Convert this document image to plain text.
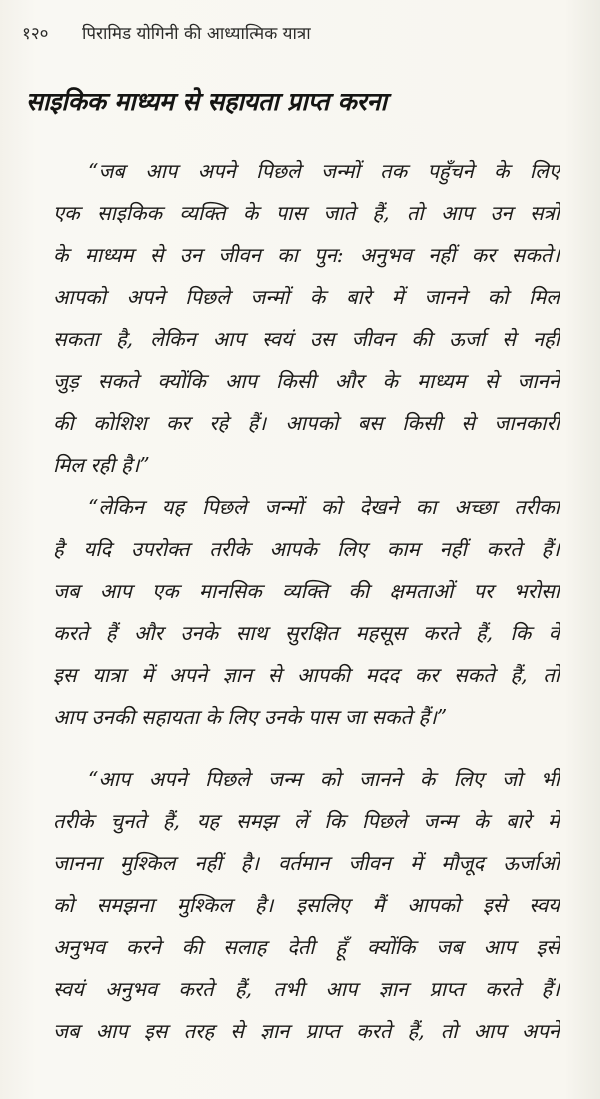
१२०	पिरामिड योगिनी की आध्यात्मिक यात्रा
साइकिक माध्यम से सहायता प्राप्त करना

“जब आप अपने पिछले जन्मों तक पहुँचने के लिए
एक साइकिक व्यक्ति के पास जाते हैं, तो आप उन सत्रों
के माध्यम से उन जीवन का पुन: अनुभव नहीं कर सकते।
आपको अपने पिछले जन्मों के बारे में जानने को मिल
सकता है, लेकिन आप स्वयं उस जीवन की ऊर्जा से नहीं
जुड़ सकते क्योंकि आप किसी और के माध्यम से जानने
की कोशिश कर रहे हैं। आपको बस किसी से जानकारी
मिल रही है।”

“लेकिन यह पिछले जन्मों को देखने का अच्छा तरीका
है यदि उपरोक्त तरीके आपके लिए काम नहीं करते हैं।
जब आप एक मानसिक व्यक्ति की क्षमताओं पर भरोसा
करते हैं और उनके साथ सुरक्षित महसूस करते हैं, कि वे
इस यात्रा में अपने ज्ञान से आपकी मदद कर सकते हैं, तो
आप उनकी सहायता के लिए उनके पास जा सकते हैं।”

“आप अपने पिछले जन्म को जानने के लिए जो भी
तरीके चुनते हैं, यह समझ लें कि पिछले जन्म के बारे में
जानना मुश्किल नहीं है। वर्तमान जीवन में मौजूद ऊर्जाओं
को समझना मुश्किल है। इसलिए मैं आपको इसे स्वयं
अनुभव करने की सलाह देती हूँ क्योंकि जब आप इसे
स्वयं अनुभव करते हैं, तभी आप ज्ञान प्राप्त करते हैं।
जब आप इस तरह से ज्ञान प्राप्त करते हैं, तो आप अपने
